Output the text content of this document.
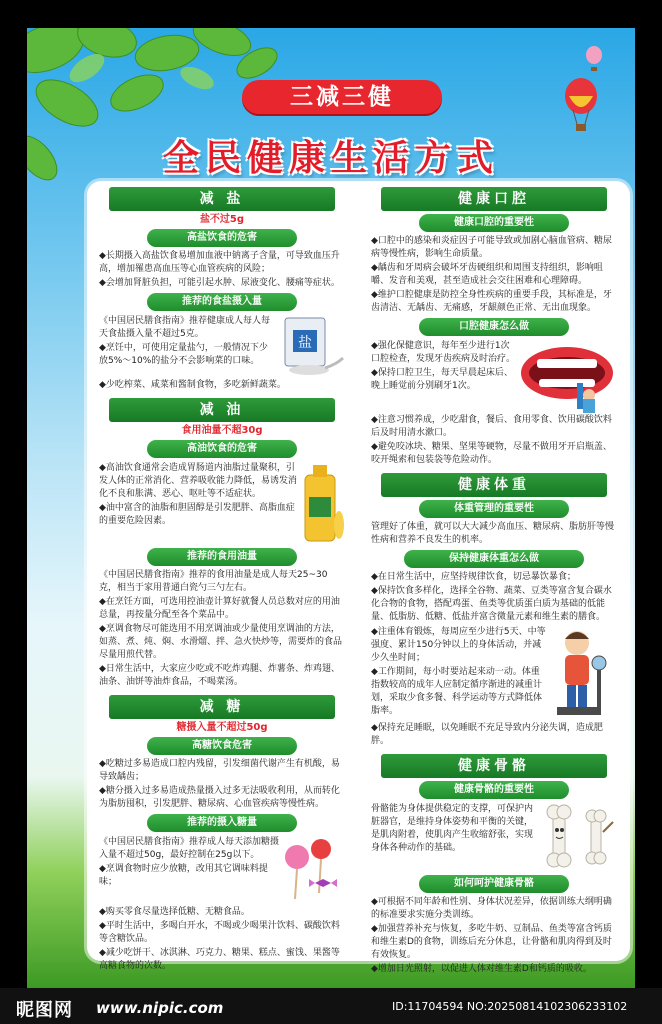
三减三健
全民健康生活方式
减 盐
盐不过5g
高盐饮食的危害

◆长期摄入高盐饮食易增加血液中钠离子含量，可导致血压升高，增加罹患高血压等心血管疾病的风险；

◆会增加肾脏负担，可能引起水肿、尿液变化、腰痛等症状。

推荐的食盐摄入量

《中国居民膳食指南》推荐健康成人每人每天食盐摄入量不超过5克。

◆烹饪中，可使用定量盐勺，一般情况下少放5%～10%的盐分不会影响菜的口味。

盐

◆少吃榨菜、咸菜和酱制食物，多吃新鲜蔬菜。

减 油
食用油量不超30g
高油饮食的危害

◆高油饮食通常会造成胃肠道内油脂过量聚积，引发人体的正常消化、营养吸收能力降低，易诱发消化不良和胀满、恶心、呕吐等不适症状。

◆油中富含的油脂和胆固醇是引发肥胖、高脂血症的重要危险因素。

推荐的食用油量

《中国居民膳食指南》推荐的食用油量是成人每天25~30克，相当于家用普通白瓷勺三勺左右。

◆在烹饪方面，可选用控油壶计算好就餐人员总数对应的用油总量，再按量分配至各个菜品中。

◆烹调食物尽可能选用不用烹调油或少量使用烹调油的方法，如蒸、煮、炖、焖、水滑熘、拌、急火快炒等，需要炸的食品尽量用煎代替。

◆日常生活中，大家应少吃或不吃炸鸡腿、炸薯条、炸鸡翅、油条、油饼等油炸食品，不喝菜汤。

减 糖
糖摄入量不超过50g
高糖饮食危害

◆吃糖过多易造成口腔内残留，引发细菌代谢产生有机酸，易导致龋齿；

◆糖分摄入过多易造成热量摄入过多无法吸收利用，从而转化为脂肪囤积，引发肥胖、糖尿病、心血管疾病等慢性病。

推荐的摄入糖量

《中国居民膳食指南》推荐成人每天添加糖摄入量不超过50g，最好控制在25g以下。

◆烹调食物时应少放糖，改用其它调味料提味；

◆购买零食尽量选择低糖、无糖食品。

◆平时生活中，多喝白开水，不喝或少喝果汁饮料、碳酸饮料等含糖饮品。

◆减少吃饼干、冰淇淋、巧克力、糖果、糕点、蜜饯、果酱等高糖食物的次数。

健康口腔
健康口腔的重要性

◆口腔中的感染和炎症因子可能导致或加剧心脑血管病、糖尿病等慢性病，影响生命质量。

◆龋齿和牙周病会破坏牙齿硬组织和周围支持组织，影响咀嚼、发音和美观，甚至造成社会交往困难和心理障碍。

◆维护口腔健康是防控全身性疾病的重要手段，其标准是，牙齿清洁、无龋齿、无痛感，牙龈颜色正常、无出血现象。

口腔健康怎么做

◆强化保健意识，每年至少进行1次口腔检查，发现牙齿疾病及时治疗。

◆保持口腔卫生，每天早晨起床后、晚上睡觉前分别刷牙1次。

◆注意习惯养成，少吃甜食，餐后、食用零食、饮用碳酸饮料后及时用清水漱口。

◆避免咬冰块、糖果、坚果等硬物，尽量不做用牙开启瓶盖、咬开绳索和包装袋等危险动作。

健康体重
体重管理的重要性

管理好了体重，就可以大大减少高血压、糖尿病、脂肪肝等慢性病和营养不良发生的机率。

保持健康体重怎么做

◆在日常生活中，应坚持规律饮食，切忌暴饮暴食；

◆保持饮食多样化，选择全谷物、蔬菜、豆类等富含复合碳水化合物的食物，搭配鸡蛋、鱼类等优质蛋白质为基础的低能量、低脂肪、低糖、低盐并富含微量元素和维生素的膳食。

◆注重体育锻炼，每周应至少进行5天、中等强度、累计150分钟以上的身体活动，并减少久坐时间；

◆工作期间，每小时要站起来动一动。体重指数较高的成年人应制定循序渐进的减重计划，采取少食多餐、科学运动等方式降低体脂率。

◆保持充足睡眠，以免睡眠不充足导致内分泌失调，造成肥胖。

健康骨骼
健康骨骼的重要性

骨骼能为身体提供稳定的支撑，可保护内脏器官，是维持身体姿势和平衡的关键，是肌肉附着，使肌肉产生收缩舒张，实现身体各种动作的基础。

如何呵护健康骨骼

◆可根据不同年龄和性别、身体状况差异，依据训练大纲明确的标准要求实施分类训练。

◆加强营养补充与恢复，多吃牛奶、豆制品、鱼类等富含钙质和维生素D的食物，训练后充分休息，让骨骼和肌肉得到及时有效恢复。

◆增加日光照射，以促进人体对维生素D和钙质的吸收。

昵图网 www.nipic.com	ID:11704594 NO:20250814102306233102
